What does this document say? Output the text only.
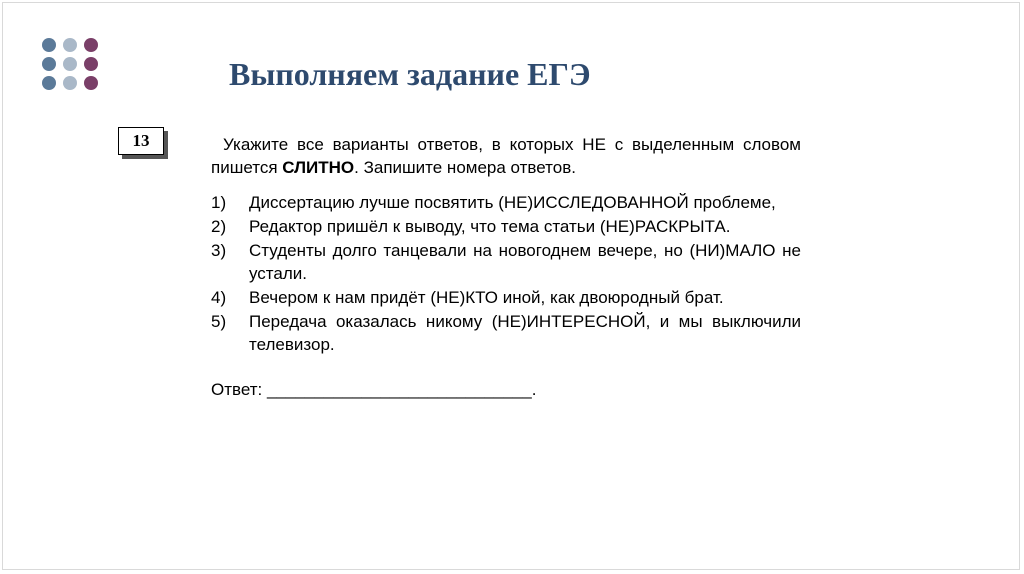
Выполняем задание ЕГЭ
13	Укажите все варианты ответов, в которых НЕ с выделенным словом пишется СЛИТНО. Запишите номера ответов.

1)	Диссертацию лучше посвятить (НЕ)ИССЛЕДОВАННОЙ проблеме,
2)	Редактор пришёл к выводу, что тема статьи (НЕ)РАСКРЫТА.
3)	Студенты долго танцевали на новогоднем вечере, но (НИ)МАЛО не устали.
4)	Вечером к нам придёт (НЕ)КТО иной, как двоюродный брат.
5)	Передача оказалась никому (НЕ)ИНТЕРЕСНОЙ, и мы выключили телевизор.
Ответ: ____________________________.
